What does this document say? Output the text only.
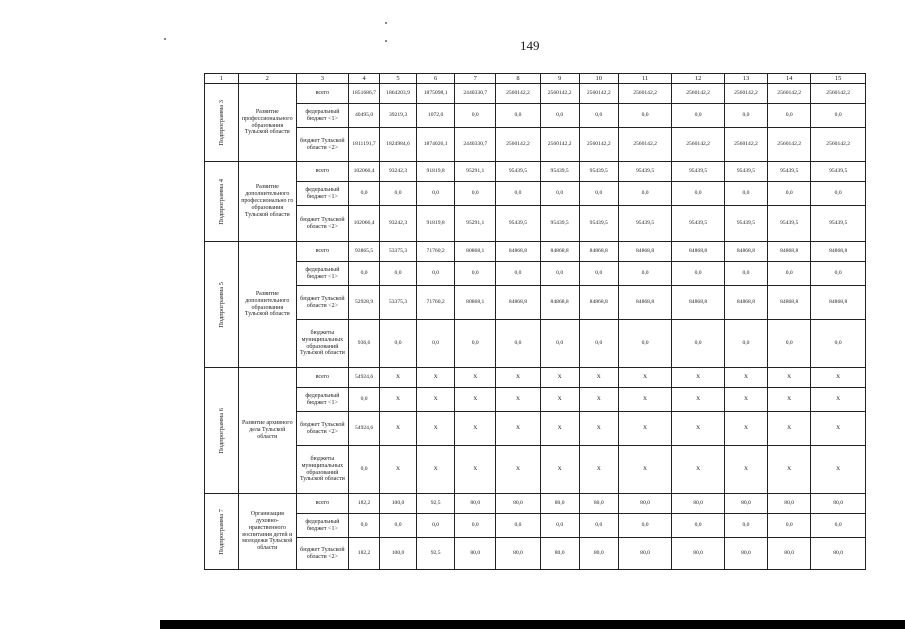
149
1	2	3	4	5	6	7	8	9	10	11	12	13	14	15

Подпрограмма 3	Развитие профессионального образования Тульской области	всего	1851686,7	1864203,9	1875098,1	2440330,7	2560142,2	2560142,2	2560142,2	2560142,2	2560142,2	2560142,2	2560142,2	2560142,2
		федеральный бюджет <1>	40495,0	39219,3	1072,0	0,0	0,0	0,0	0,0	0,0	0,0	0,0	0,0	0,0
		бюджет Тульской области <2>	1811191,7	1824984,6	1874026,1	2440330,7	2560142,2	2560142,2	2560142,2	2560142,2	2560142,2	2560142,2	2560142,2	2560142,2

Подпрограмма 4	Развитие дополнительного профессионально го образования Тульской области	всего	102066,4	93242,3	91819,8	95291,1	95439,5	95439,5	95439,5	95439,5	95439,5	95439,5	95439,5	95439,5
		федеральный бюджет <1>	0,0	0,0	0,0	0,0	0,0	0,0	0,0	0,0	0,0	0,0	0,0	0,0
		бюджет Тульской области <2>	102066,4	93242,3	91819,8	95291,1	95439,5	95439,5	95439,5	95439,5	95439,5	95439,5	95439,5	95439,5

Подпрограмма 5	Развитие дополнительного образования Тульской области	всего	93865,5	53375,3	71760,2	80868,1	84868,8	84868,8	84868,8	84868,8	84868,8	84868,8	84868,8	84868,8
		федеральный бюджет <1>	0,0	0,0	0,0	0,0	0,0	0,0	0,0	0,0	0,0	0,0	0,0	0,0
		бюджет Тульской области <2>	52928,9	53375,3	71760,2	80868,1	84868,8	84868,8	84868,8	84868,8	84868,8	84868,8	84868,8	84868,8
		бюджеты муниципальных образований Тульской области	936,6	0,0	0,0	0,0	0,0	0,0	0,0	0,0	0,0	0,0	0,0	0,0

Подпрограмма 6	Развитие архивного дела Тульской области	всего	54924,6	X	X	X	X	X	X	X	X	X	X	X
		федеральный бюджет <1>	0,0	X	X	X	X	X	X	X	X	X	X	X
		бюджет Тульской области <2>	54924,6	X	X	X	X	X	X	X	X	X	X	X
		бюджеты муниципальных образований Тульской области	0,0	X	X	X	X	X	X	X	X	X	X	X

Подпрограмма 7	Организация духовно-нравственного воспитания детей и молодежи Тульской области	всего	182,2	100,0	92,5	80,0	80,0	80,0	80,0	80,0	80,0	80,0	80,0	80,0
		федеральный бюджет <1>	0,0	0,0	0,0	0,0	0,0	0,0	0,0	0,0	0,0	0,0	0,0	0,0
		бюджет Тульской области <2>	182,2	100,0	92,5	80,0	80,0	80,0	80,0	80,0	80,0	80,0	80,0	80,0
